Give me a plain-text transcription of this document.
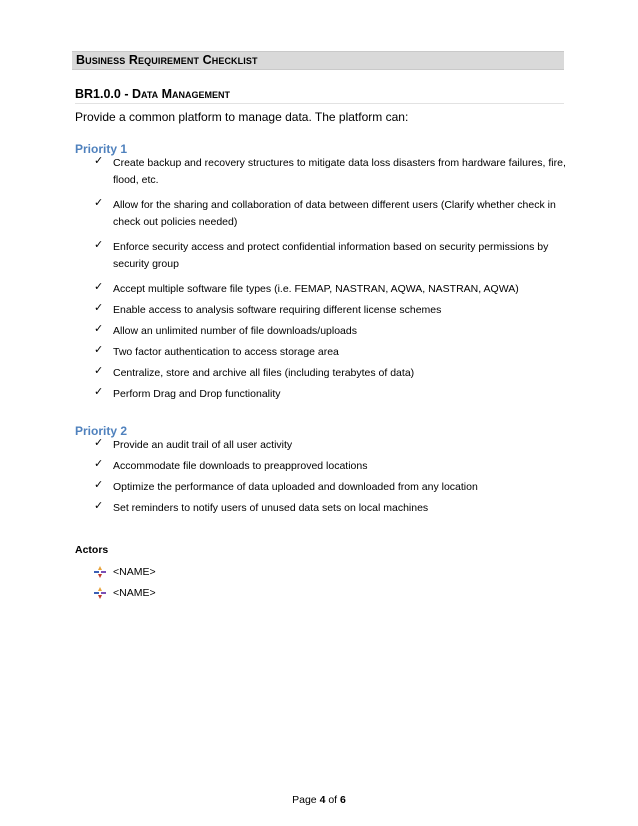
Business Requirement Checklist
BR1.0.0 - Data Management
Provide a common platform to manage data. The platform can:
Priority 1
✓ Create backup and recovery structures to mitigate data loss disasters from hardware failures, fire, flood, etc.
✓ Allow for the sharing and collaboration of data between different users (Clarify whether check in check out policies needed)
✓ Enforce security access and protect confidential information based on security permissions by security group
✓ Accept multiple software file types (i.e. FEMAP, NASTRAN, AQWA, NASTRAN, AQWA)
✓ Enable access to analysis software requiring different license schemes
✓ Allow an unlimited number of file downloads/uploads
✓ Two factor authentication to access storage area
✓ Centralize, store and archive all files (including terabytes of data)
✓ Perform Drag and Drop functionality
Priority 2
✓ Provide an audit trail of all user activity
✓ Accommodate file downloads to preapproved locations
✓ Optimize the performance of data uploaded and downloaded from any location
✓ Set reminders to notify users of unused data sets on local machines
Actors
<NAME>
<NAME>
Page 4 of 6
